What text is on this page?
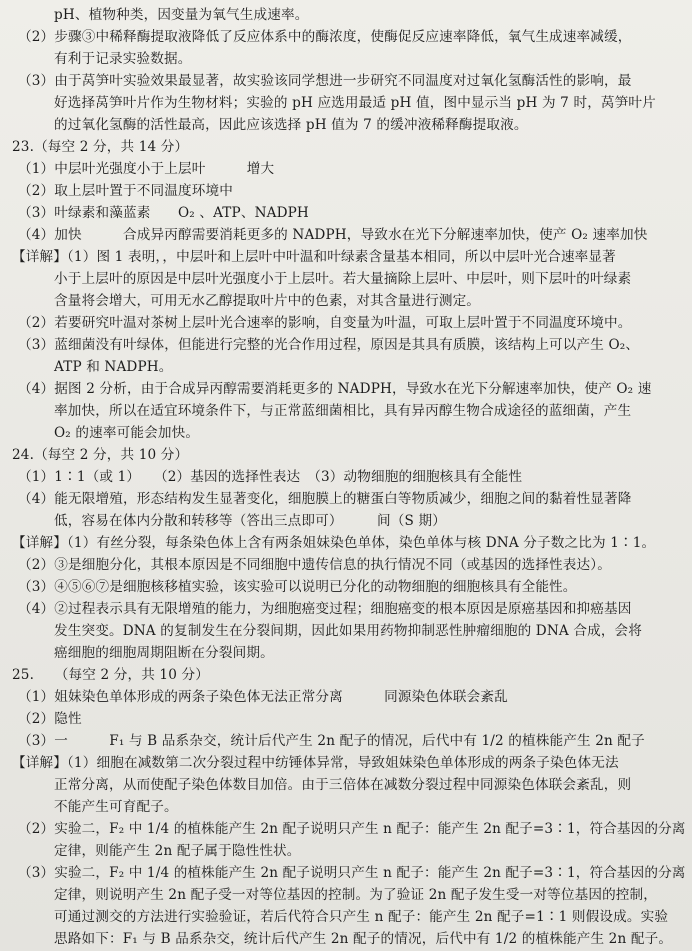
pH、植物种类，因变量为氧气生成速率。

（2）步骤③中稀释酶提取液降低了反应体系中的酶浓度，使酶促反应速率降低，氧气生成速率减缓，

有利于记录实验数据。

（3）由于莴笋叶实验效果最显著，故实验该同学想进一步研究不同温度对过氧化氢酶活性的影响，最

好选择莴笋叶片作为生物材料；实验的 pH 应选用最适 pH 值，图中显示当 pH 为 7 时，莴笋叶片

的过氧化氢酶的活性最高，因此应该选择 pH 值为 7 的缓冲液稀释酶提取液。

23.（每空 2 分，共 14 分）

（1）中层叶光强度小于上层叶　　　增大

（2）取上层叶置于不同温度环境中

（3）叶绿素和藻蓝素　　O₂ 、ATP、NADPH

（4）加快　　　合成异丙醇需要消耗更多的 NADPH，导致水在光下分解速率加快，使产 O₂ 速率加快

【详解】（1）图 1 表明，，中层叶和上层叶中叶温和叶绿素含量基本相同，所以中层叶光合速率显著

小于上层叶的原因是中层叶光强度小于上层叶。若大量摘除上层叶、中层叶，则下层叶的叶绿素

含量将会增大，可用无水乙醇提取叶片中的色素，对其含量进行测定。

（2）若要研究叶温对茶树上层叶光合速率的影响，自变量为叶温，可取上层叶置于不同温度环境中。

（3）蓝细菌没有叶绿体，但能进行完整的光合作用过程，原因是其具有质膜，该结构上可以产生 O₂、

ATP 和 NADPH。

（4）据图 2 分析，由于合成异丙醇需要消耗更多的 NADPH，导致水在光下分解速率加快，使产 O₂ 速

率加快，所以在适宜环境条件下，与正常蓝细菌相比，具有异丙醇生物合成途径的蓝细菌，产生

O₂ 的速率可能会加快。

24.（每空 2 分，共 10 分）

（1）1∶1（或 1）　　（2）基因的选择性表达　（3）动物细胞的细胞核具有全能性

（4）能无限增殖，形态结构发生显著变化，细胞膜上的糖蛋白等物质减少，细胞之间的黏着性显著降

低，容易在体内分散和转移等（答出三点即可）　　　间（S 期）

【详解】（1）有丝分裂，每条染色体上含有两条姐妹染色单体，染色单体与核 DNA 分子数之比为 1∶1。

（2）③是细胞分化，其根本原因是不同细胞中遗传信息的执行情况不同（或基因的选择性表达）。

（3）④⑤⑥⑦是细胞核移植实验，该实验可以说明已分化的动物细胞的细胞核具有全能性。

（4）②过程表示具有无限增殖的能力，为细胞癌变过程；细胞癌变的根本原因是原癌基因和抑癌基因

发生突变。DNA 的复制发生在分裂间期，因此如果用药物抑制恶性肿瘤细胞的 DNA 合成，会将

癌细胞的细胞周期阻断在分裂间期。

25.　　（每空 2 分，共 10 分）

（1）姐妹染色单体形成的两条子染色体无法正常分离　　　同源染色体联会紊乱

（2）隐性

（3）一　　　F₁ 与 B 品系杂交，统计后代产生 2n 配子的情况，后代中有 1/2 的植株能产生 2n 配子

【详解】（1）细胞在减数第二次分裂过程中纺锤体异常，导致姐妹染色单体形成的两条子染色体无法

正常分离，从而使配子染色体数目加倍。由于三倍体在减数分裂过程中同源染色体联会紊乱，则

不能产生可育配子。

（2）实验二，F₂ 中 1/4 的植株能产生 2n 配子说明只产生 n 配子：能产生 2n 配子=3∶1，符合基因的分离

定律，则能产生 2n 配子属于隐性性状。

（3）实验二，F₂ 中 1/4 的植株能产生 2n 配子说明只产生 n 配子：能产生 2n 配子=3∶1，符合基因的分离

定律，则说明产生 2n 配子受一对等位基因的控制。为了验证 2n 配子发生受一对等位基因的控制，

可通过测交的方法进行实验验证，若后代符合只产生 n 配子：能产生 2n 配子=1∶1 则假设成。实验

思路如下：F₁ 与 B 品系杂交，统计后代产生 2n 配子的情况，后代中有 1/2 的植株能产生 2n 配子。
